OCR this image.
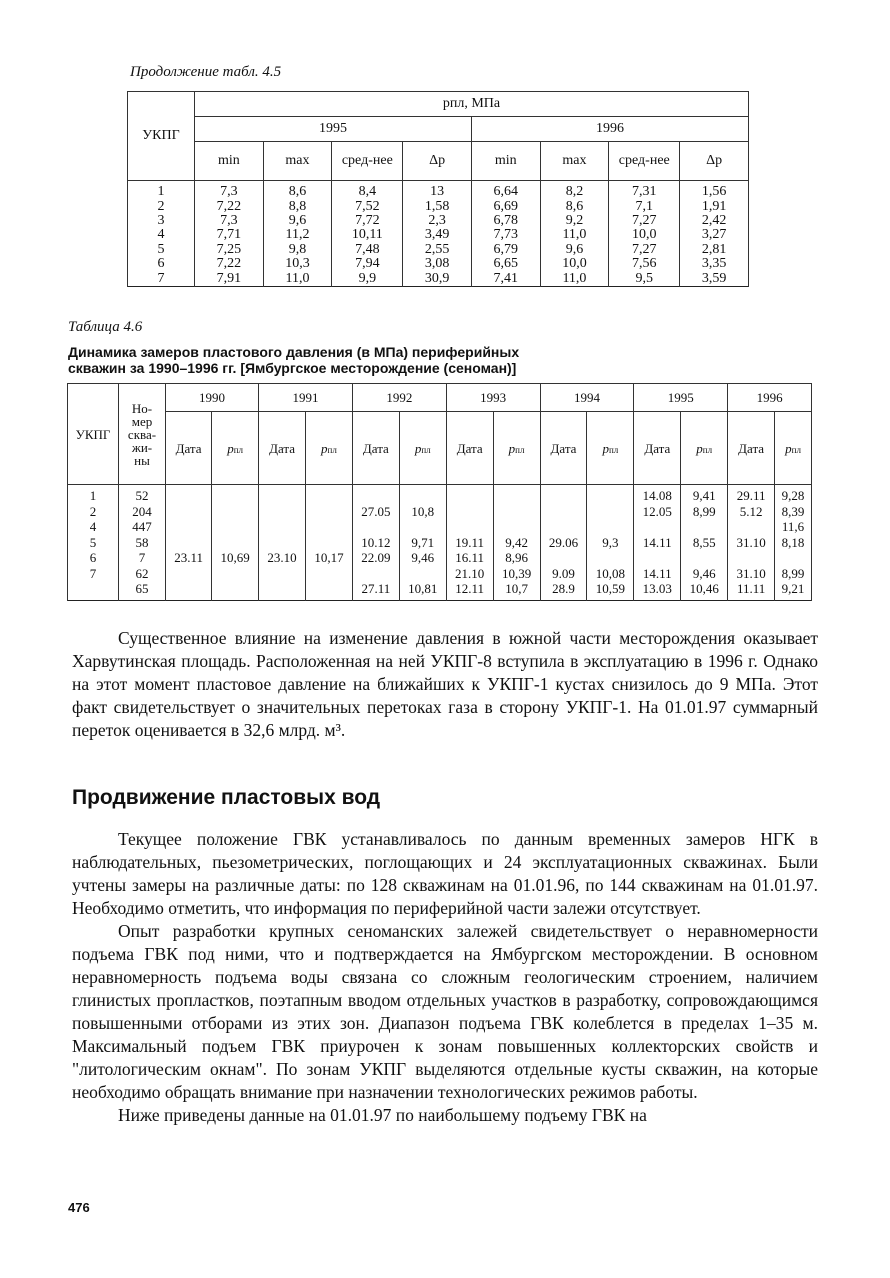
Продолжение табл. 4.5
УКПГ	pпл, МПа							
	1995				1996			
	min	max	сред-нее	Δp	min	max	сред-нее	Δp
1	7,3	8,6	8,4	13	6,64	8,2	7,31	1,56
2	7,22	8,8	7,52	1,58	6,69	8,6	7,1	1,91
3	7,3	9,6	7,72	2,3	6,78	9,2	7,27	2,42
4	7,71	11,2	10,11	3,49	7,73	11,0	10,0	3,27
5	7,25	9,8	7,48	2,55	6,79	9,6	7,27	2,81
6	7,22	10,3	7,94	3,08	6,65	10,0	7,56	3,35
7	7,91	11,0	9,9	30,9	7,41	11,0	9,5	3,59
Таблица 4.6
Динамика замеров пластового давления (в МПа) периферийных
скважин за 1990–1996 гг. [Ямбургское месторождение (сеноман)]
УКПГ	Но-
мер
сква-
жи-
ны	1990		1991		1992		1993		1994		1995		1996	
		Дата	pпл	Дата	pпл	Дата	pпл	Дата	pпл	Дата	pпл	Дата	pпл	Дата	pпл
1	52											14.08	9,41	29.11	9,28
2	204					27.05	10,8					12.05	8,99	5.12	8,39
4	447														11,6
5	58					10.12	9,71	19.11	9,42	29.06	9,3	14.11	8,55	31.10	8,18
6	7	23.11	10,69	23.10	10,17	22.09	9,46	16.11	8,96						
7	62							21.10	10,39	9.09	10,08	14.11	9,46	31.10	8,99
	65					27.11	10,81	12.11	10,7	28.9	10,59	13.03	10,46	11.11	9,21

Существенное влияние на изменение давления в южной части месторождения оказывает Харвутинская площадь. Расположенная на ней УКПГ-8 вступила в эксплуатацию в 1996 г. Однако на этот момент пластовое давление на ближайших к УКПГ-1 кустах снизилось до 9 МПа. Этот факт свидетельствует о значительных перетоках газа в сторону УКПГ-1. На 01.01.97 суммарный переток оценивается в 32,6 млрд. м³.

Продвижение пластовых вод

Текущее положение ГВК устанавливалось по данным временных замеров НГК в наблюдательных, пьезометрических, поглощающих и 24 эксплуатационных скважинах. Были учтены замеры на различные даты: по 128 скважинам на 01.01.96, по 144 скважинам на 01.01.97. Необходимо отметить, что информация по периферийной части залежи отсутствует.

Опыт разработки крупных сеноманских залежей свидетельствует о неравномерности подъема ГВК под ними, что и подтверждается на Ямбургском месторождении. В основном неравномерность подъема воды связана со сложным геологическим строением, наличием глинистых пропластков, поэтапным вводом отдельных участков в разработку, сопровождающимся повышенными отборами из этих зон. Диапазон подъема ГВК колеблется в пределах 1–35 м. Максимальный подъем ГВК приурочен к зонам повышенных коллекторских свойств и "литологическим окнам". По зонам УКПГ выделяются отдельные кусты скважин, на которые необходимо обращать внимание при назначении технологических режимов работы.

Ниже приведены данные на 01.01.97 по наибольшему подъему ГВК на

476
